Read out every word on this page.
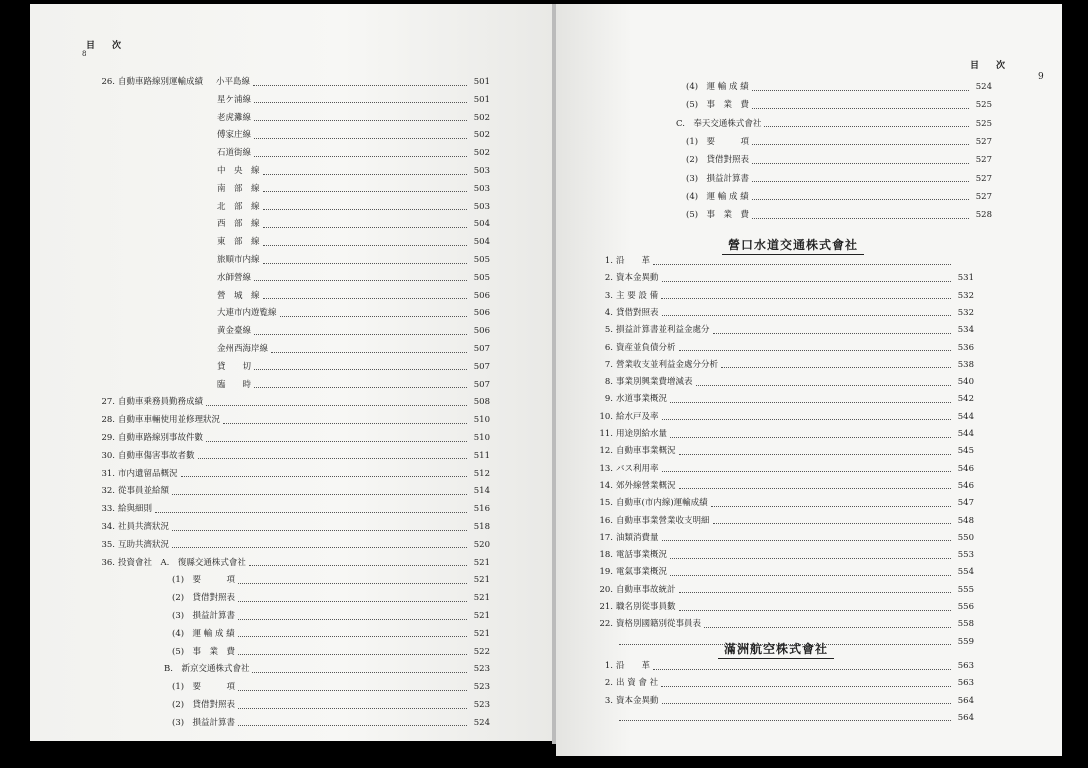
目　次
8
26. 自動車路線別運輸成績 小平島線	501
星ケ浦線	501
老虎灘線	502
傅家庄線	502
石道街線	502
中　央　線	503
南　部　線	503
北　部　線	503
西　部　線	504
東　部　線	504
旅順市内線	505
水師營線	505
營　城　線	506
大連市内遊覧線	506
黄金臺線	506
金州西海岸線	507
貸　　切	507
臨　　時	507
27. 自動車乗務員勤務成績	508
28. 自動車車輛使用並修理狀況	510
29. 自動車路線別事故件數	510
30. 自動車傷害事故者數	511
31. 市内遺留品概況	512
32. 從事員並給額	514
33. 給與細則	516
34. 社員共濟狀況	518
35. 互助共濟狀況	520
36. 投資會社　A.　復縣交通株式會社	521
(1)　要　　　項	521
(2)　貸借對照表	521
(3)　損益計算書	521
(4)　運 輸 成 績	521
(5)　事　業　費	522
B.　新京交通株式會社	523
(1)　要　　　項	523
(2)　貸借對照表	523
(3)　損益計算書	524
目　次
9
(4)　運 輸 成 績	524
(5)　事　業　費	525
C.　奉天交通株式會社	525
(1)　要　　　項	527
(2)　貸借對照表	527
(3)　損益計算書	527
(4)　運 輸 成 績	527
(5)　事　業　費	528
營口水道交通株式會社
1. 沿　　革
2. 資本金異動	531
3. 主 要 設 備	532
4. 貸借對照表	532
5. 損益計算書並利益金處分	534
6. 資産並負債分析	536
7. 營業收支並利益金處分分析	538
8. 事業別興業費增減表	540
9. 水道事業概況	542
10. 給水戸及率	544
11. 用途別給水量	544
12. 自動車事業概況	545
13. バス利用率	546
14. 郊外線營業概況	546
15. 自動車(市内線)運輸成績	547
16. 自動車事業營業收支明細	548
17. 油類消費量	550
18. 電話事業概況	553
19. 電氣事業概況	554
20. 自動車事故統計	555
21. 職名別從事員數	556
22. 資格別國籍別從事員表	558
559
滿洲航空株式會社
1. 沿　　革	563
2. 出 資 會 社	563
3. 資本金異動	564
564
